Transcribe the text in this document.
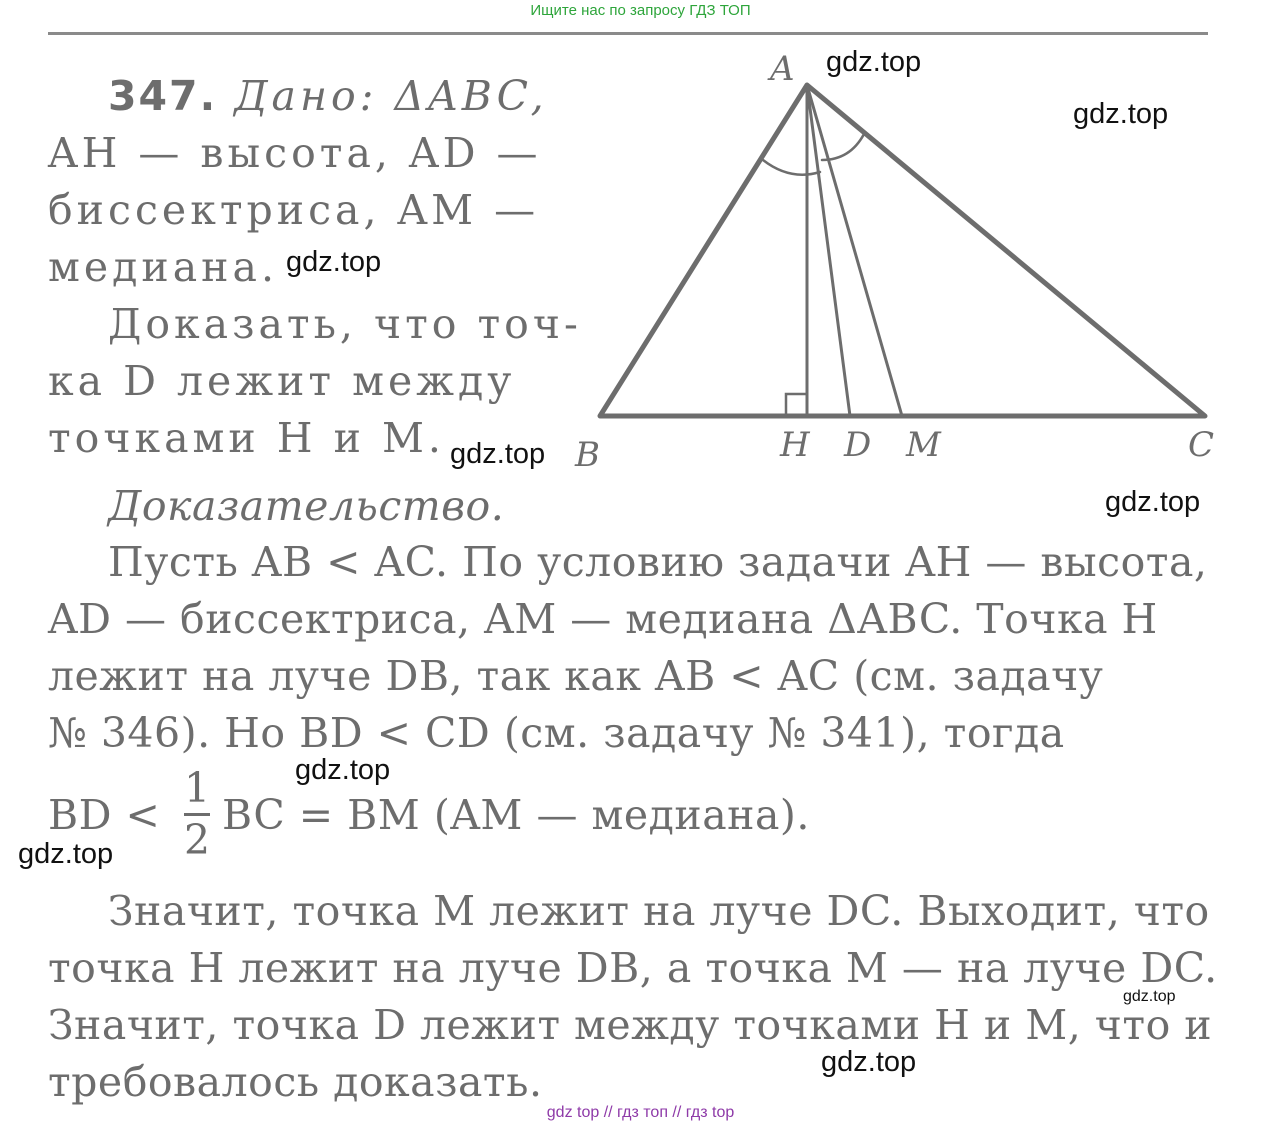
Ищите нас по запросу ГДЗ ТОП
347. Дано: ΔABC,
AH — высота, AD —
биссектриса, AM —
медиана.
Доказать, что точ-
ка D лежит между
точками H и M.
Доказательство.
Пусть AB < AC. По условию задачи AH — высота,
AD — биссектриса, AM — медиана ΔABC. Точка H
лежит на луче DB, так как AB < AC (см. задачу
№ 346). Но BD < CD (см. задачу № 341), тогда
BD <
1
2
BC = BM (AM — медиана).
Значит, точка M лежит на луче DC. Выходит, что
точка H лежит на луче DB, а точка M — на луче DC.
Значит, точка D лежит между точками H и M, что и
требовалось доказать.
A
B	C
H D M
gdz.top
gdz.top
gdz.top
gdz.top
gdz.top
gdz.top
gdz.top
gdz.top
gdz.top
gdz top // гдз топ // гдз top
